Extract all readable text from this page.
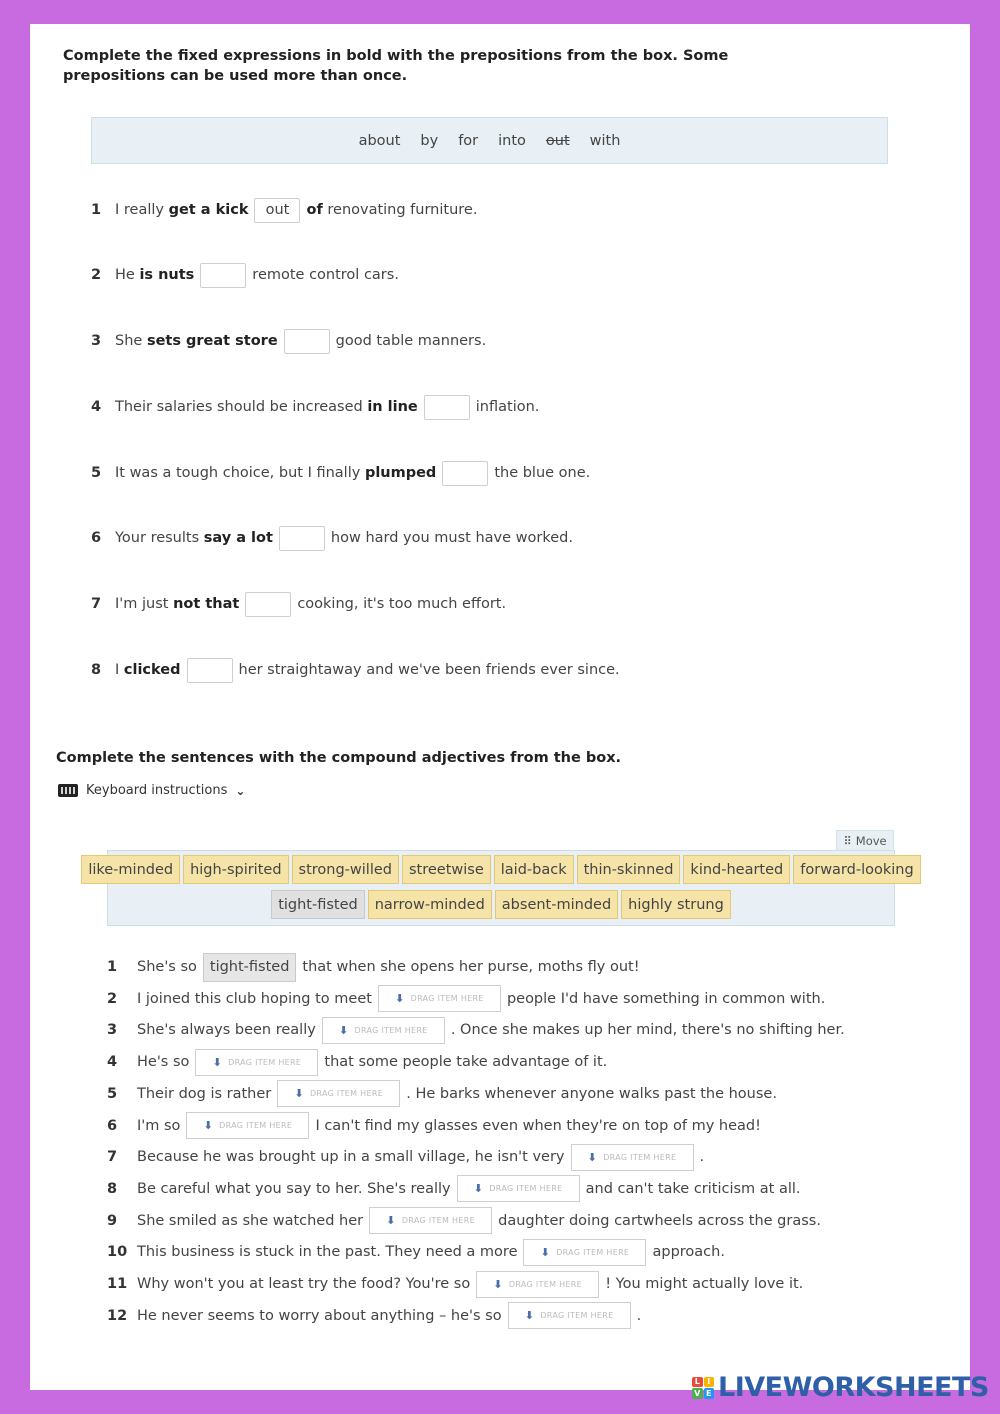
Complete the fixed expressions in bold with the prepositions from the box. Some prepositions can be used more than once.
about by for into out with
1 I really
get a kick	out	of
renovating furniture.
2 He
is nuts	remote control cars.
3 She
sets great store	good table manners.
4 Their salaries should be increased
in line	inflation.
5 It was a tough choice, but I finally
plumped	the blue one.
6 Your results
say a lot	how hard you must have worked.
7 I'm just
not that	cooking, it's too much effort.
8 I
clicked	her straightaway and we've been friends ever since.
Complete the sentences with the compound adjectives from the box.
Keyboard instructions ⌄
⠿ Move
like-minded	high-spirited	strong-willed	streetwise	laid-back	thin-skinned	kind-hearted	forward-looking
tight-fisted	narrow-minded	absent-minded	highly strung
1	She's so tight-fisted that when she opens her purse, moths fly out!
2	I joined this club hoping to meet ⬇ DRAG ITEM HERE people I'd have something in common with.
3	She's always been really ⬇ DRAG ITEM HERE . Once she makes up her mind, there's no shifting her.
4	He's so ⬇ DRAG ITEM HERE that some people take advantage of it.
5	Their dog is rather ⬇ DRAG ITEM HERE . He barks whenever anyone walks past the house.
6	I'm so ⬇ DRAG ITEM HERE I can't find my glasses even when they're on top of my head!
7	Because he was brought up in a small village, he isn't very ⬇ DRAG ITEM HERE .
8	Be careful what you say to her. She's really ⬇ DRAG ITEM HERE and can't take criticism at all.
9	She smiled as she watched her ⬇ DRAG ITEM HERE daughter doing cartwheels across the grass.
10 This business is stuck in the past. They need a more ⬇ DRAG ITEM HERE approach.
11 Why won't you at least try the food? You're so ⬇ DRAG ITEM HERE ! You might actually love it.
12 He never seems to worry about anything – he's so ⬇ DRAG ITEM HERE .
L I
V E LIVEWORKSHEETS
